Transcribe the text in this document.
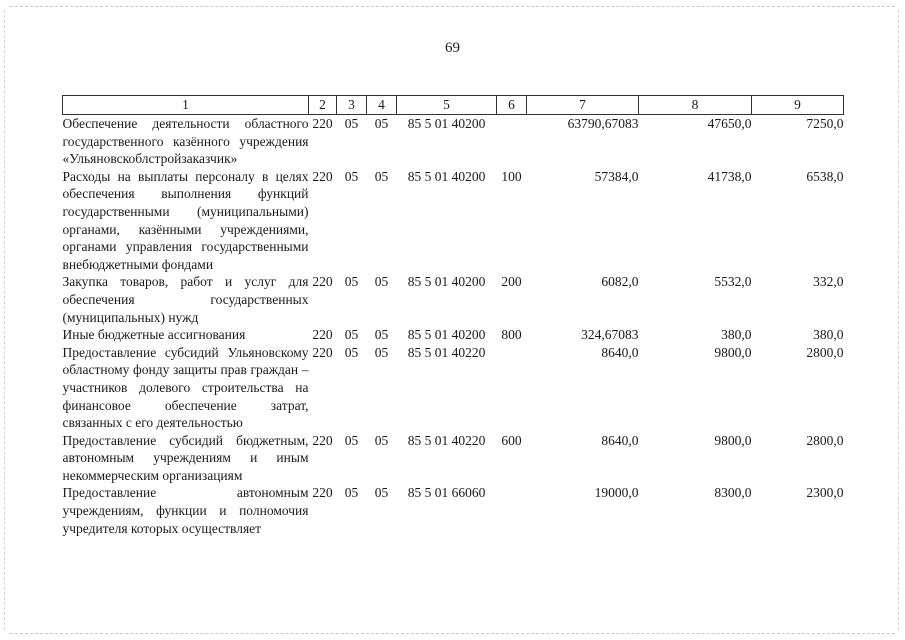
69
1	2	3	4	5	6	7	8	9
Обеспечение деятельности областного государственного казённого учреждения «Ульяновскоблстройзаказчик»	220	05	05	85 5 01 40200		63790,67083	47650,0	7250,0
Расходы на выплаты персоналу в целях обеспечения выполнения функций государственными (муниципальными) органами, казёнными учреждениями, органами управления государственными внебюджетными фондами	220	05	05	85 5 01 40200	100	57384,0	41738,0	6538,0
Закупка товаров, работ и услуг для обеспечения государственных (муниципальных) нужд	220	05	05	85 5 01 40200	200	6082,0	5532,0	332,0
Иные бюджетные ассигнования	220	05	05	85 5 01 40200	800	324,67083	380,0	380,0
Предоставление субсидий Ульяновскому областному фонду защиты прав граждан – участников долевого строительства на финансовое обеспечение затрат, связанных с его деятельностью	220	05	05	85 5 01 40220		8640,0	9800,0	2800,0
Предоставление субсидий бюджетным, автономным учреждениям и иным некоммерческим организациям	220	05	05	85 5 01 40220	600	8640,0	9800,0	2800,0
Предоставление автономным учреждениям, функции и полномочия учредителя которых осуществляет	220	05	05	85 5 01 66060		19000,0	8300,0	2300,0
